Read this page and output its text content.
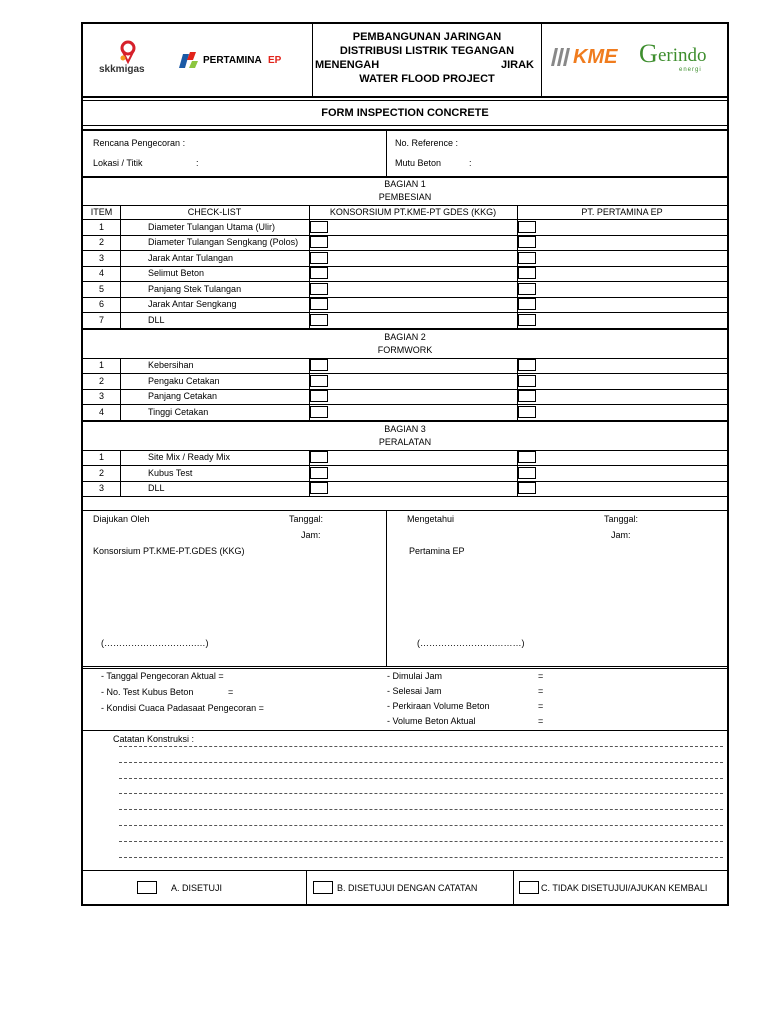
skkmigas
PERTAMINA EP
PEMBANGUNAN JARINGAN
DISTRIBUSI LISTRIK TEGANGAN
MENENGAH	JIRAK
WATER FLOOD PROJECT
KME G erindo
energi
FORM INSPECTION CONCRETE
Rencana Pengecoran :
Lokasi / Titik	:
No. Reference :
Mutu Beton	:
BAGIAN 1
PEMBESIAN
ITEM	CHECK-LIST	KONSORSIUM PT.KME-PT GDES (KKG)	PT. PERTAMINA EP
1	Diameter Tulangan Utama (Ulir)
2	Diameter Tulangan Sengkang (Polos)
3	Jarak Antar Tulangan
4	Selimut Beton
5	Panjang Stek Tulangan
6	Jarak Antar Sengkang
7	DLL
BAGIAN 2
FORMWORK
1	Kebersihan
2	Pengaku Cetakan
3	Panjang Cetakan
4	Tinggi Cetakan
BAGIAN 3
PERALATAN
1	Site Mix / Ready Mix
2	Kubus Test
3	DLL
Diajukan Oleh	Tanggal:
Jam:
Konsorsium PT.KME-PT.GDES (KKG)
(………………………….…)
Mengetahui	Tanggal:
Jam:
Pertamina EP
(…………………….………)
- Tanggal Pengecoran Aktual =
- No. Test Kubus Beton	=
- Kondisi Cuaca Padasaat Pengecoran =
- Dimulai Jam	=
- Selesai Jam	=
- Perkiraan Volume Beton	=
- Volume Beton Aktual	=
Catatan Konstruksi :
A. DISETUJI	B. DISETUJUI DENGAN CATATAN	C. TIDAK DISETUJUI/AJUKAN KEMBALI
